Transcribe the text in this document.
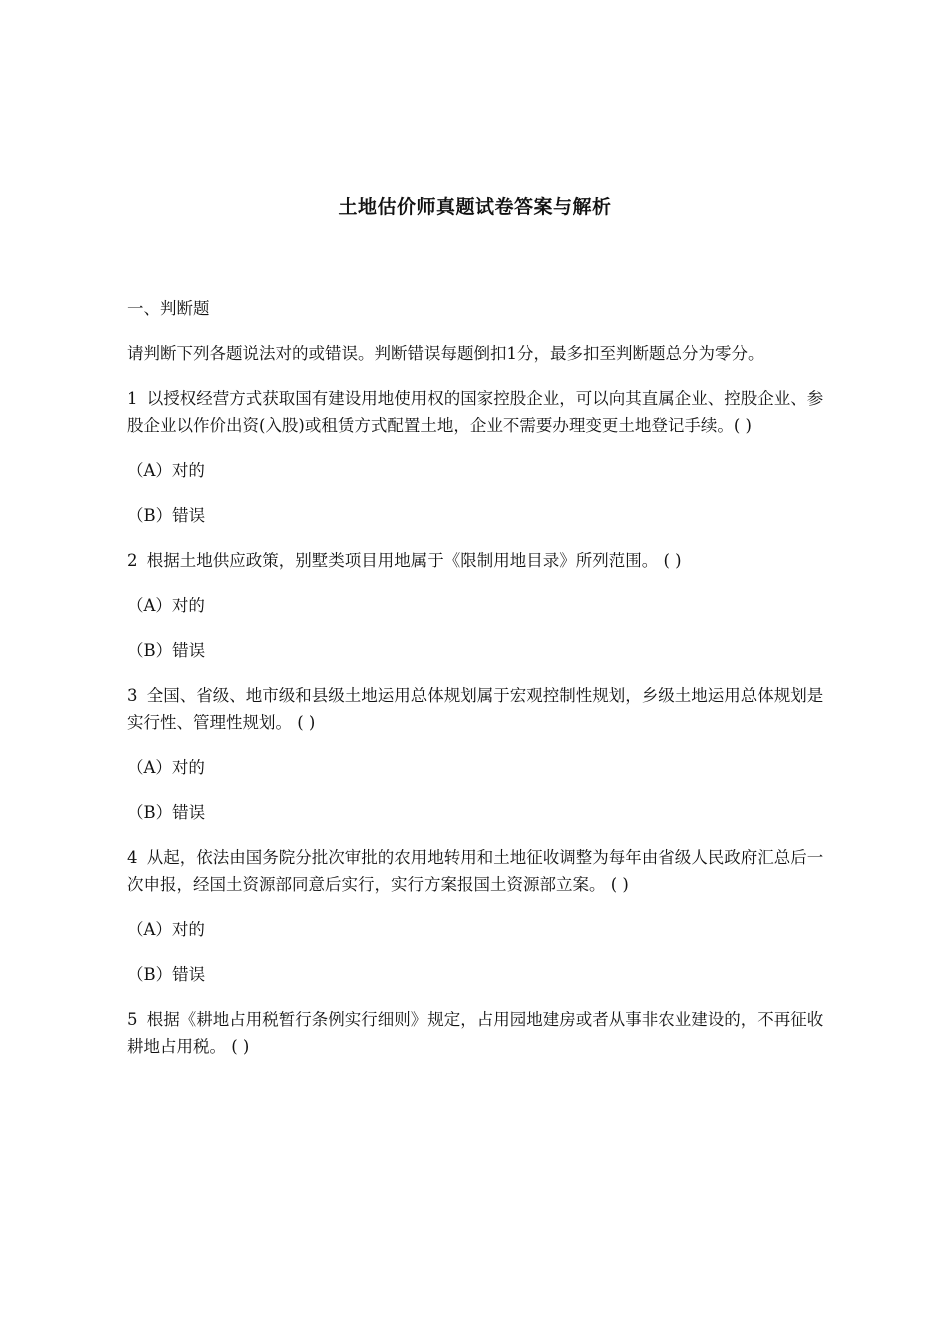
土地估价师真题试卷答案与解析

一、判断题

请判断下列各题说法对的或错误。判断错误每题倒扣1分，最多扣至判断题总分为零分。

1 以授权经营方式获取国有建设用地使用权的国家控股企业，可以向其直属企业、控股企业、参股企业以作价出资(入股)或租赁方式配置土地，企业不需要办理变更土地登记手续。( )

（A）对的

（B）错误

2 根据土地供应政策，别墅类项目用地属于《限制用地目录》所列范围。 ( )

（A）对的

（B）错误

3 全国、省级、地市级和县级土地运用总体规划属于宏观控制性规划，乡级土地运用总体规划是实行性、管理性规划。 ( )

（A）对的

（B）错误

4 从起，依法由国务院分批次审批的农用地转用和土地征收调整为每年由省级人民政府汇总后一次申报，经国土资源部同意后实行，实行方案报国土资源部立案。 ( )

（A）对的

（B）错误

5 根据《耕地占用税暂行条例实行细则》规定，占用园地建房或者从事非农业建设的，不再征收耕地占用税。 ( )
